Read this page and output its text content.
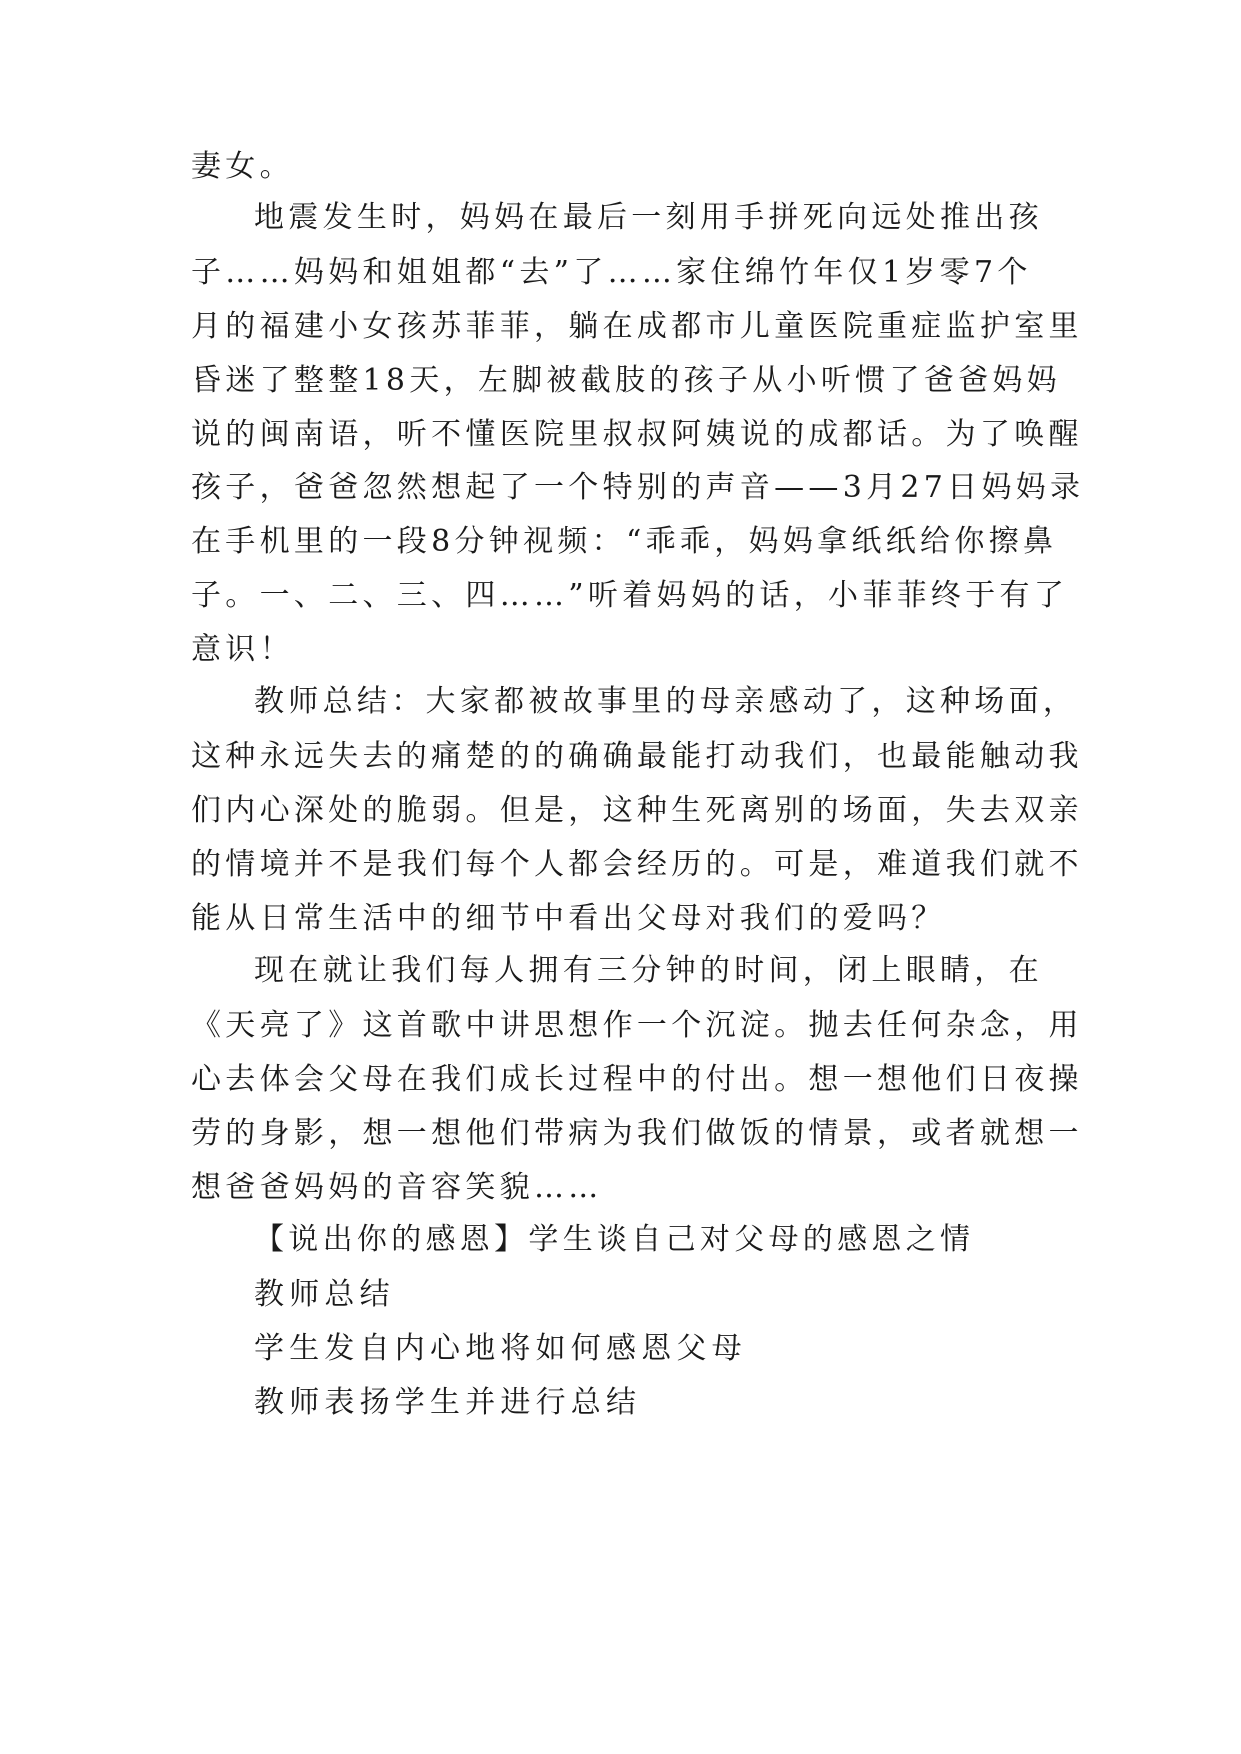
妻女。
地震发生时，妈妈在最后一刻用手拼死向远处推出孩
子……妈妈和姐姐都“去”了……家住绵竹年仅1岁零7个
月的福建小女孩苏菲菲，躺在成都市儿童医院重症监护室里
昏迷了整整18天，左脚被截肢的孩子从小听惯了爸爸妈妈
说的闽南语，听不懂医院里叔叔阿姨说的成都话。为了唤醒
孩子，爸爸忽然想起了一个特别的声音——3月27日妈妈录
在手机里的一段8分钟视频：“乖乖，妈妈拿纸纸给你擦鼻
子。一、二、三、四……”听着妈妈的话，小菲菲终于有了
意识！
教师总结：大家都被故事里的母亲感动了，这种场面，
这种永远失去的痛楚的的确确最能打动我们，也最能触动我
们内心深处的脆弱。但是，这种生死离别的场面，失去双亲
的情境并不是我们每个人都会经历的。可是，难道我们就不
能从日常生活中的细节中看出父母对我们的爱吗？
现在就让我们每人拥有三分钟的时间，闭上眼睛，在
《天亮了》这首歌中讲思想作一个沉淀。抛去任何杂念，用
心去体会父母在我们成长过程中的付出。想一想他们日夜操
劳的身影，想一想他们带病为我们做饭的情景，或者就想一
想爸爸妈妈的音容笑貌……
【说出你的感恩】学生谈自己对父母的感恩之情
教师总结
学生发自内心地将如何感恩父母
教师表扬学生并进行总结
